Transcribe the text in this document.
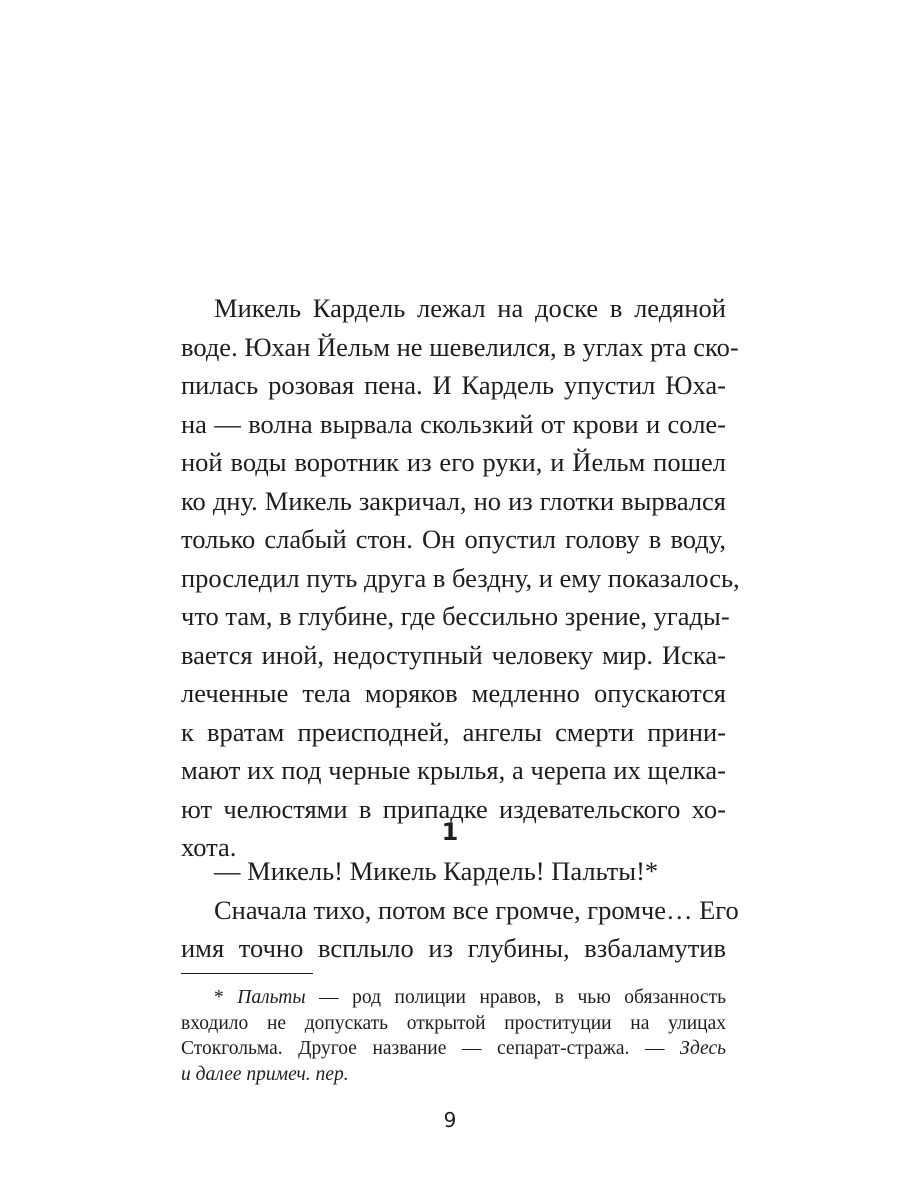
Микель Кардель лежал на доске в ледяной
воде. Юхан Йельм не шевелился, в углах рта ско-
пилась розовая пена. И Кардель упустил Юха-
на — волна вырвала скользкий от крови и соле-
ной воды воротник из его руки, и Йельм пошел
ко дну. Микель закричал, но из глотки вырвался
только слабый стон. Он опустил голову в воду,
проследил путь друга в бездну, и ему показалось,
что там, в глубине, где бессильно зрение, угады-
вается иной, недоступный человеку мир. Иска-
леченные тела моряков медленно опускаются
к вратам преисподней, ангелы смерти прини-
мают их под черные крылья, а черепа их щелка-
ют челюстями в припадке издевательского хо-
хота.	1
— Микель! Микель Кардель! Пальты!*
Сначала тихо, потом все громче, громче… Его
имя точно всплыло из глубины, взбаламутив
* Пальты — род полиции нравов, в чью обязанность
входило не допускать открытой проституции на улицах
Стокгольма. Другое название — сепарат-стража. — Здесь
и далее примеч. пер.
9
